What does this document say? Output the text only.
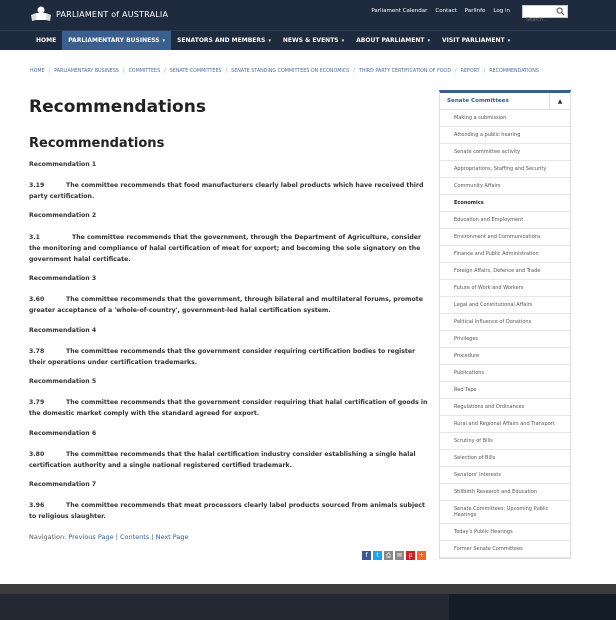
PARLIAMENT of AUSTRALIA	Parliament Calendar Contact ParlInfo Log in
Search...
HOME	PARLIAMENTARY BUSINESS ▾	SENATORS AND MEMBERS ▾	NEWS & EVENTS ▾	ABOUT PARLIAMENT ▾	VISIT PARLIAMENT ▾
HOME / PARLIAMENTARY BUSINESS / COMMITTEES / SENATE COMMITTEES / SENATE STANDING COMMITTEES ON ECONOMICS / THIRD PARTY CERTIFICATION OF FOOD / REPORT / RECOMMENDATIONS
Recommendations
Recommendations
Recommendation 1
3.19	The committee recommends that food manufacturers clearly label products which have received third party certification.
Recommendation 2
3.1	The committee recommends that the government, through the Department of Agriculture, consider the monitoring and compliance of halal certification of meat for export; and becoming the sole signatory on the government halal certificate.
Recommendation 3
3.60	The committee recommends that the government, through bilateral and multilateral forums, promote greater acceptance of a 'whole-of-country', government-led halal certification system.
Recommendation 4
3.78	The committee recommends that the government consider requiring certification bodies to register their operations under certification trademarks.
Recommendation 5
3.79	The committee recommends that the government consider requiring that halal certification of goods in the domestic market comply with the standard agreed for export.
Recommendation 6
3.80	The committee recommends that the halal certification industry consider establishing a single halal certification authority and a single national registered certified trademark.
Recommendation 7
3.96	The committee recommends that meat processors clearly label products sourced from animals subject to religious slaughter.
Navigation: Previous Page | Contents | Next Page
f	t	⎙	✉	p	+
Senate Committees	▲
Making a submission
Attending a public hearing
Senate committee activity
Appropriations, Staffing and Security
Community Affairs
Economics
Education and Employment
Environment and Communications
Finance and Public Administration
Foreign Affairs, Defence and Trade
Future of Work and Workers
Legal and Constitutional Affairs
Political Influence of Donations
Privileges
Procedure
Publications
Red Tape
Regulations and Ordinances
Rural and Regional Affairs and Transport
Scrutiny of Bills
Selection of Bills
Senators' Interests
Stillbirth Research and Education
Senate Committees: Upcoming Public Hearings
Today's Public Hearings
Former Senate Committees
